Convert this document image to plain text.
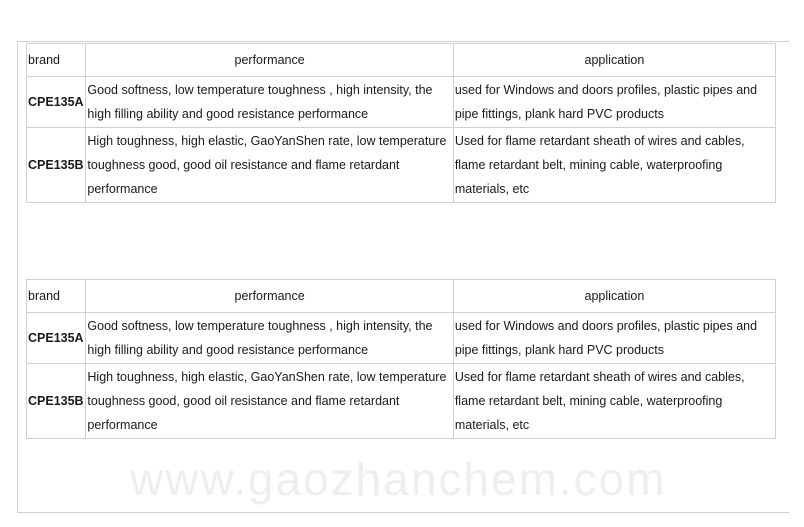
brand	performance	application
CPE135A	Good softness, low temperature toughness , high intensity, the high filling ability and good resistance performance	used for Windows and doors profiles, plastic pipes and pipe fittings, plank hard PVC products
CPE135B	High toughness, high elastic, GaoYanShen rate, low temperature toughness good, good oil resistance and flame retardant performance	Used for flame retardant sheath of wires and cables, flame retardant belt, mining cable, waterproofing materials, etc
brand	performance	application
CPE135A	Good softness, low temperature toughness , high intensity, the high filling ability and good resistance performance	used for Windows and doors profiles, plastic pipes and pipe fittings, plank hard PVC products
CPE135B	High toughness, high elastic, GaoYanShen rate, low temperature toughness good, good oil resistance and flame retardant performance	Used for flame retardant sheath of wires and cables, flame retardant belt, mining cable, waterproofing materials, etc
www.gaozhanchem.com
